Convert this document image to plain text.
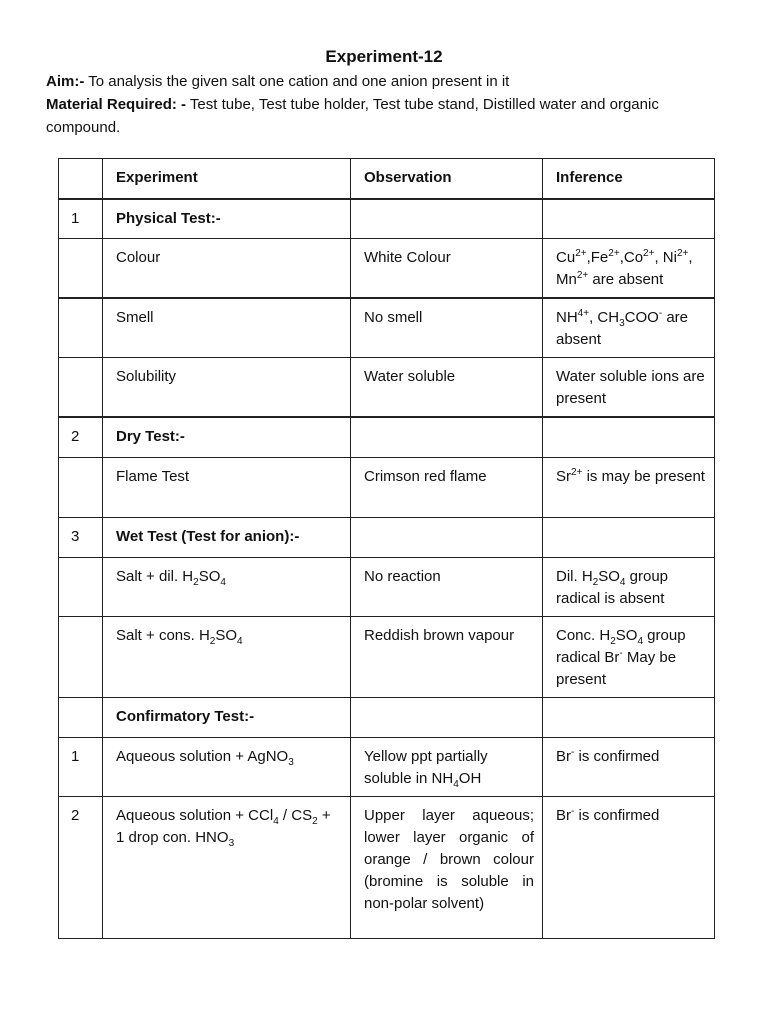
Experiment-12
Aim:- To analysis the given salt one cation and one anion present in it
Material Required: - Test tube, Test tube holder, Test tube stand, Distilled water and organic compound.
	Experiment	Observation	Inference
1	Physical Test:-		
	Colour	White Colour	$Cu^{2+},Fe^{2+},Co^{2+}$, $Ni^{2+}$, $Mn^{2+}$ are absent
	Smell	No smell	$NH^{4+}$, $CH_3COO^-$ are absent
	Solubility	Water soluble	Water soluble ions are present
2	Dry Test:-		
	Flame Test	Crimson red flame	$Sr^{2+}$ is may be present
3	Wet Test (Test for anion):-		
	Salt + dil. $H_2SO_4$	No reaction	Dil. $H_2SO_4$ group radical is absent
	Salt + cons. $H_2SO_4$	Reddish brown vapour	Conc. $H_2SO_4$ group radical Br- May be present
	Confirmatory Test:-		
1	Aqueous solution + AgNO$_3$	Yellow ppt partially soluble in $NH_4OH$	Br- is confirmed
2	Aqueous solution + $CCl_4 / CS_2 + 1$ drop con. $HNO_3$	Upper layer aqueous; lower layer organic of orange / brown colour (bromine is soluble in non-polar solvent)	Br- is confirmed
